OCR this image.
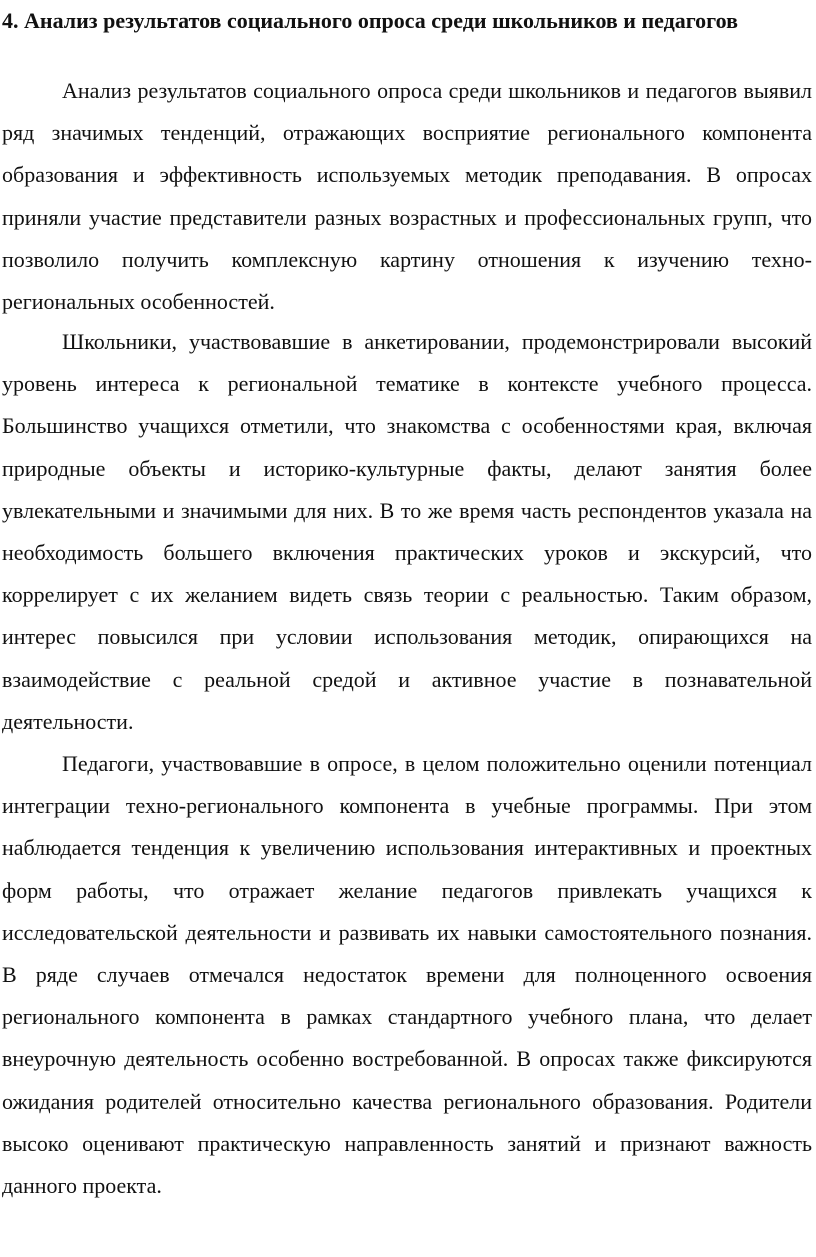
4. Анализ результатов социального опроса среди школьников и педагогов

Анализ результатов социального опроса среди школьников и педагогов выявил ряд значимых тенденций, отражающих восприятие регионального компонента образования и эффективность используемых методик преподавания. В опросах приняли участие представители разных возрастных и профессиональных групп, что позволило получить комплексную картину отношения к изучению техно-региональных особенностей.

Школьники, участвовавшие в анкетировании, продемонстрировали высокий уровень интереса к региональной тематике в контексте учебного процесса. Большинство учащихся отметили, что знакомства с особенностями края, включая природные объекты и историко-культурные факты, делают занятия более увлекательными и значимыми для них. В то же время часть респондентов указала на необходимость большего включения практических уроков и экскурсий, что коррелирует с их желанием видеть связь теории с реальностью. Таким образом, интерес повысился при условии использования методик, опирающихся на взаимодействие с реальной средой и активное участие в познавательной деятельности.

Педагоги, участвовавшие в опросе, в целом положительно оценили потенциал интеграции техно-регионального компонента в учебные программы. При этом наблюдается тенденция к увеличению использования интерактивных и проектных форм работы, что отражает желание педагогов привлекать учащихся к исследовательской деятельности и развивать их навыки самостоятельного познания. В ряде случаев отмечался недостаток времени для полноценного освоения регионального компонента в рамках стандартного учебного плана, что делает внеурочную деятельность особенно востребованной. В опросах также фиксируются ожидания родителей относительно качества регионального образования. Родители высоко оценивают практическую направленность занятий и признают важность данного проекта.
